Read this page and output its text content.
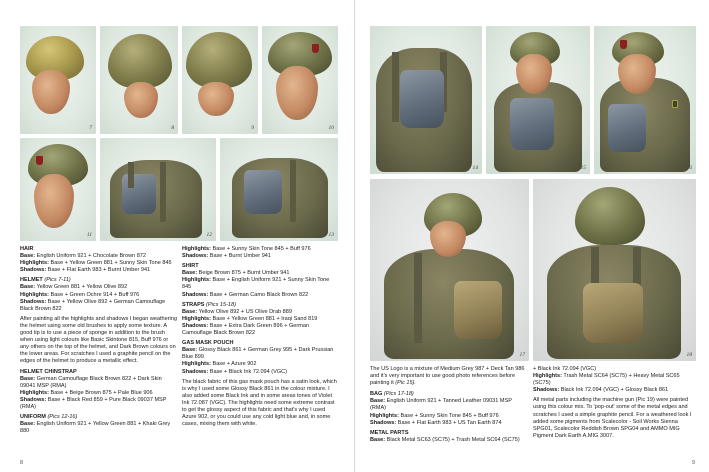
7	8	9	10
11	12	13
HAIR

Base: English Uniform 921 + Chocolate Brown 872

Highlights: Base + Yellow Green 881 + Sunny Skin Tone 845

Shadows: Base + Flat Earth 983 + Burnt Umber 941

HELMET (Pics 7-11)

Base: Yellow Green 881 + Yellow Olive 892

Highlights: Base + Green Ochre 914 + Buff 976

Shadows: Base + Yellow Olive 892 + German Camouflage Black Brown 822

After painting all the highlights and shadows I began weathering the helmet using some old brushes to apply some texture. A good tip is to use a piece of sponge in addition to the brush when using light colours like Basic Skintone 815, Buff 976 or any others on the top of the helmet, and Dark Brown colours on the lower areas. For scratches I used a graphite pencil on the edges of the helmet to produce a metallic effect.

HELMET CHINSTRAP

Base: German Camouflage Black Brown 822 + Dark Skin 09041 MSP (RMA)

Highlights: Base + Beige Brown 875 + Pale Blue 906

Shadows: Base + Black Red 859 + Pure Black 09037 MSP (RMA)

UNIFORM (Pics 12-16)

Base: English Uniform 921 + Yellow Green 881 + Khaki Grey 880

Highlights: Base + Sunny Skin Tone 845 + Buff 976

Shadows: Base + Burnt Umber 941

SHIRT

Base: Beige Brown 875 + Burnt Umber 941

Highlights: Base + English Uniform 921 + Sunny Skin Tone 845

Shadows: Base + German Camo Black Brown 822

STRAPS (Pics 15-18)

Base: Yellow Olive 892 + US Olive Drab 889

Highlights: Base + Yellow Green 881 + Iraqi Sand 819

Shadows: Base + Extra Dark Green 896 + German Camouflage Black Brown 822

GAS MASK POUCH

Base: Glossy Black 861 + German Grey 995 + Dark Prussian Blue 899

Highlights: Base + Azure 902

Shadows: Base + Black Ink 72.094 (VGC)

The black fabric of this gas mask pouch has a satin look, which is why I used some Glossy Black 861 in the colour mixture. I also added some Black Ink and in some areas tones of Violet Ink 72.087 (VGC). The highlights need some extreme contrast to get the glossy aspect of this fabric and that's why I used Azure 902, or you could use any cold light blue and, in some cases, mixing them with white.

8
14	15	16
17	18

The US Logo is a mixture of Medium Grey 987 + Deck Tan 986 and it's very important to use good photo references before painting it (Pic 15).

BAG (Pics 17-18)

Base: English Uniform 921 + Tanned Leather 09031 MSP (RMA)

Highlights: Base + Sunny Skin Tone 845 + Buff 976

Shadows: Base + Flat Earth 983 + US Tan Earth 874

METAL PARTS

Base: Black Metal SC63 (SC75) + Trash Metal SC64 (SC75)

+ Black Ink 72.094 (VGC)

Highlights: Trash Metal SC64 (SC75) + Heavy Metal SC65 (SC75)

Shadows: Black Ink 72.094 (VGC) + Glossy Black 861

All metal parts including the machine gun (Pic 19) were painted using this colour mix. To 'pop-out' some of the metal edges and scratches I used a simple graphite pencil. For a weathered look I added some pigments from Scalecolor - Soil Works Sienna SPG01, Scalecolor Reddish Brown SPG04 and AMMO MIG Pigment Dark Earth A.MIG 3007.

9
